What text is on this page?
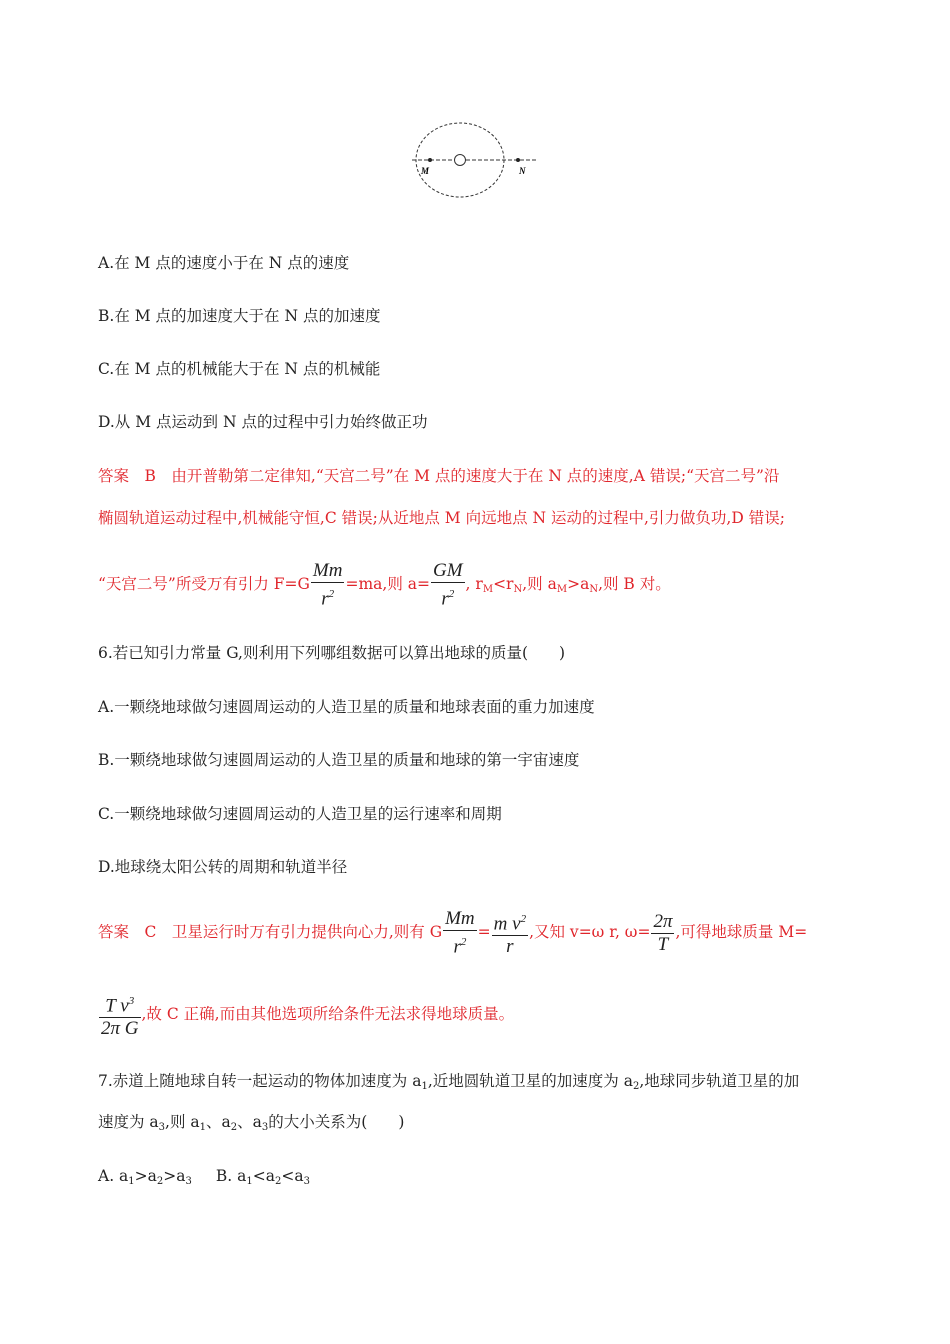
M	N
A.在 M 点的速度小于在 N 点的速度
B.在 M 点的加速度大于在 N 点的加速度
C.在 M 点的机械能大于在 N 点的机械能
D.从 M 点运动到 N 点的过程中引力始终做正功
答案　B　由开普勒第二定律知,“天宫二号”在 M 点的速度大于在 N 点的速度,A 错误;“天宫二号”沿
椭圆轨道运动过程中,机械能守恒,C 错误;从近地点 M 向远地点 N 运动的过程中,引力做负功,D 错误;
“天宫二号”所受万有引力 $F=G \frac{Mm}{r^2} =ma$,则 $a= \frac{GM}{r^2}$ , $r_M<r_N$,则 $a_M>a_N$,则 B 对。
6.若已知引力常量 G,则利用下列哪组数据可以算出地球的质量(　　)
A.一颗绕地球做匀速圆周运动的人造卫星的质量和地球表面的重力加速度
B.一颗绕地球做匀速圆周运动的人造卫星的质量和地球的第一宇宙速度
C.一颗绕地球做匀速圆周运动的人造卫星的运行速率和周期
D.地球绕太阳公转的周期和轨道半径
答案　C　卫星运行时万有引力提供向心力,则有 G $\frac{Mm}{r^2} = \frac{m v^2}{r}$ ,又知 v=ω r, $\omega= \frac{2\pi}{T}$ ,可得地球质量 M=
$\frac{T v^3}{\text{2π G}}$ ,故 C 正确,而由其他选项所给条件无法求得地球质量。
7.赤道上随地球自转一起运动的物体加速度为 $a_1$,近地圆轨道卫星的加速度为 $a_2$,地球同步轨道卫星的加
速度为 $a_3$,则 $a_1$、$a_2$、$a_3$的大小关系为(　　)
A. $a_1>a_2>a_3$ B. $a_1<a_2<a_3$
